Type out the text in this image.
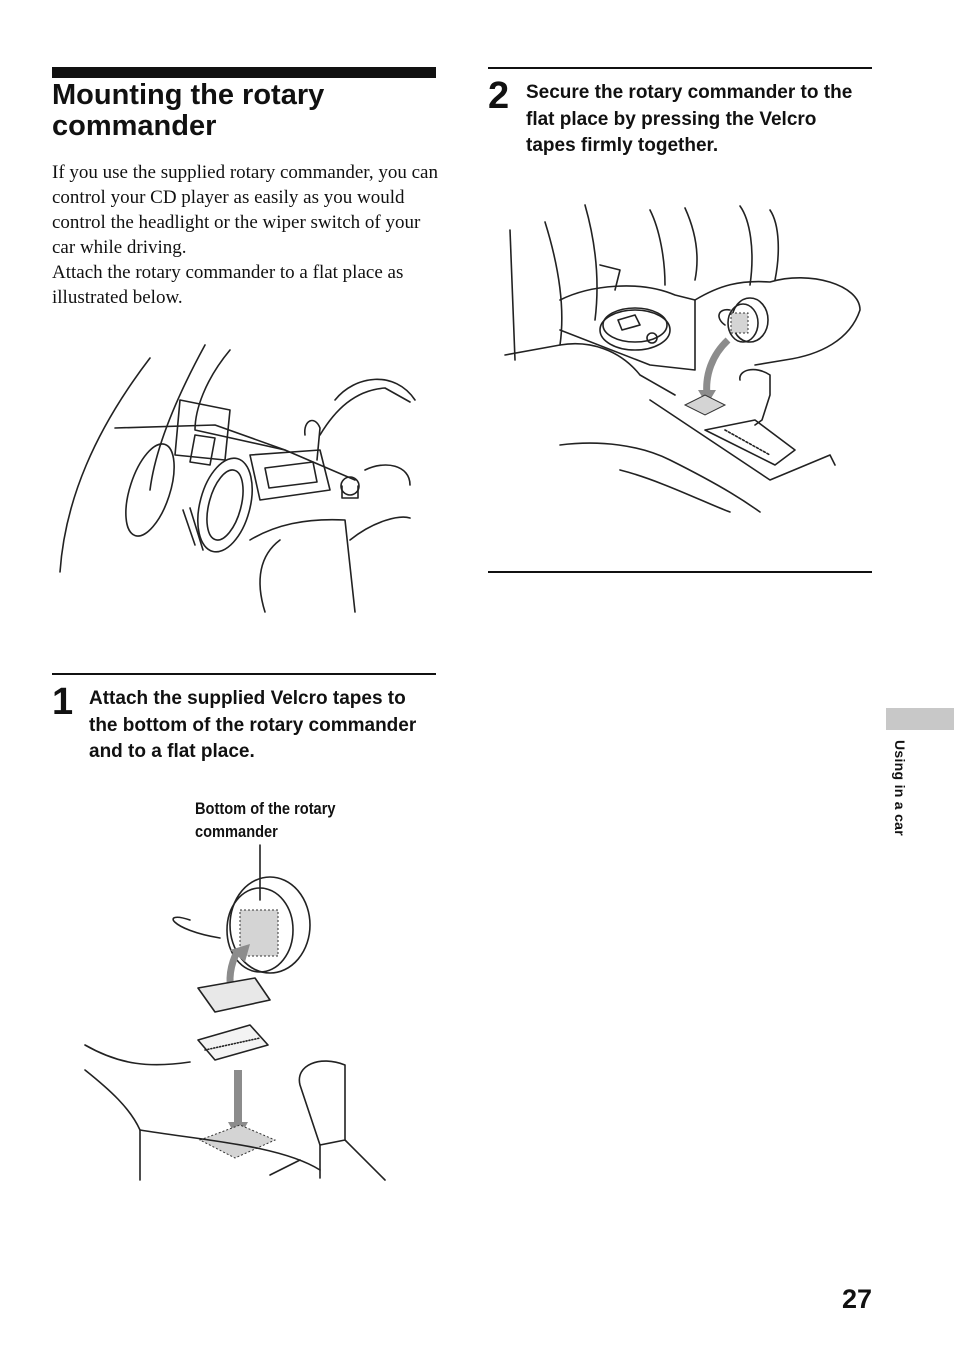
Mounting the rotary commander

If you use the supplied rotary commander, you can control your CD player as easily as you would control the headlight or the wiper switch of your car while driving.

Attach the rotary commander to a flat place as illustrated below.

1 Attach the supplied Velcro tapes to the bottom of the rotary commander and to a flat place.
Bottom of the rotary commander
2 Secure the rotary commander to the flat place by pressing the Velcro tapes firmly together.
Using in a car
27
